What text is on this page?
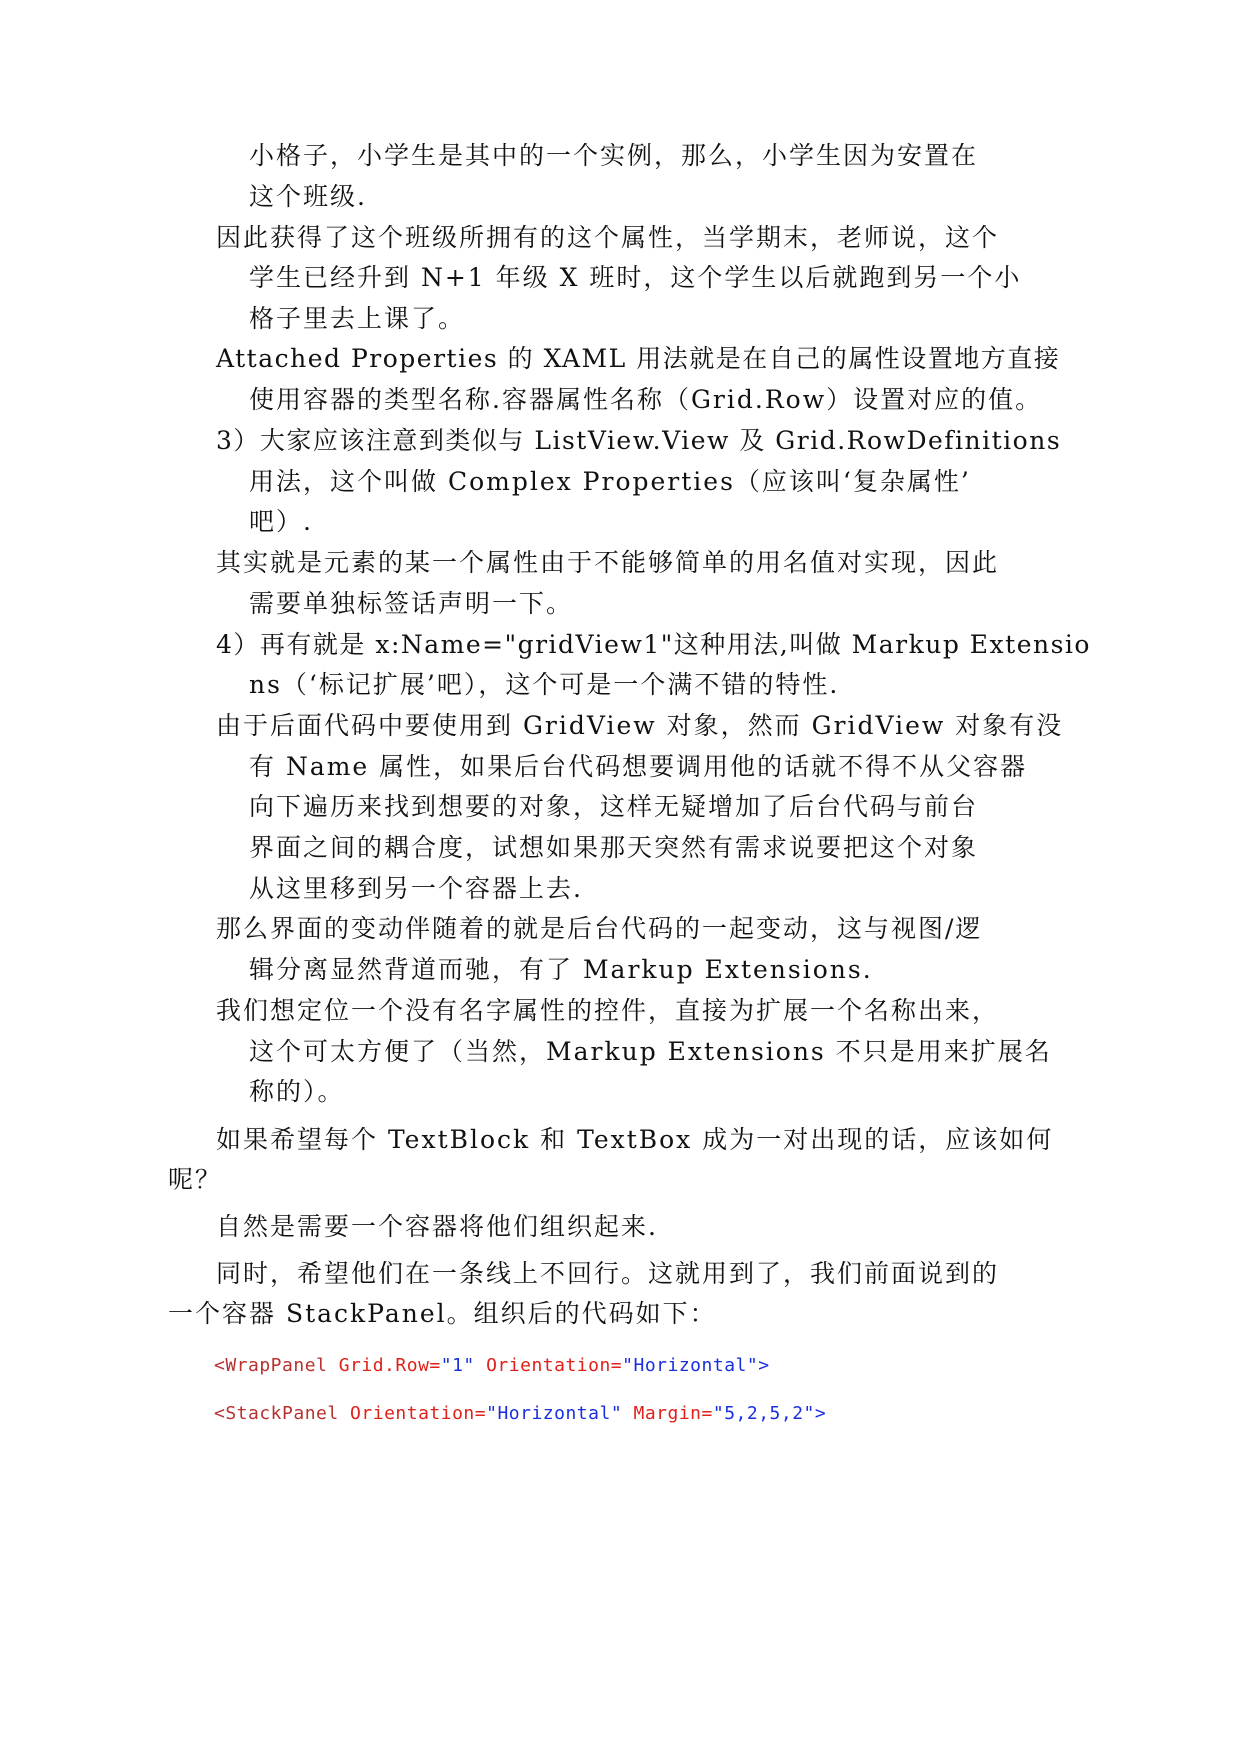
小格子，小学生是其中的一个实例，那么，小学生因为安置在
这个班级.
因此获得了这个班级所拥有的这个属性，当学期末，老师说，这个
学生已经升到 N+1 年级 X 班时，这个学生以后就跑到另一个小
格子里去上课了。
Attached Properties 的 XAML 用法就是在自己的属性设置地方直接
使用容器的类型名称.容器属性名称（Grid.Row）设置对应的值。
3）大家应该注意到类似与 ListView.View 及 Grid.RowDefinitions
用法，这个叫做 Complex Properties（应该叫‘复杂属性’
吧）.
其实就是元素的某一个属性由于不能够简单的用名值对实现，因此
需要单独标签话声明一下。
4）再有就是 x:Name="gridView1"这种用法,叫做 Markup Extensio
ns（‘标记扩展’吧），这个可是一个满不错的特性.
由于后面代码中要使用到 GridView 对象，然而 GridView 对象有没
有 Name 属性，如果后台代码想要调用他的话就不得不从父容器
向下遍历来找到想要的对象，这样无疑增加了后台代码与前台
界面之间的耦合度，试想如果那天突然有需求说要把这个对象
从这里移到另一个容器上去.
那么界面的变动伴随着的就是后台代码的一起变动，这与视图/逻
辑分离显然背道而驰，有了 Markup Extensions.
我们想定位一个没有名字属性的控件，直接为扩展一个名称出来，
这个可太方便了（当然，Markup Extensions 不只是用来扩展名
称的）。
如果希望每个 TextBlock 和 TextBox 成为一对出现的话，应该如何
呢？
自然是需要一个容器将他们组织起来.
同时，希望他们在一条线上不回行。这就用到了，我们前面说到的
一个容器 StackPanel。组织后的代码如下：
<WrapPanel Grid.Row="1" Orientation="Horizontal">
<StackPanel Orientation="Horizontal" Margin="5,2,5,2">
